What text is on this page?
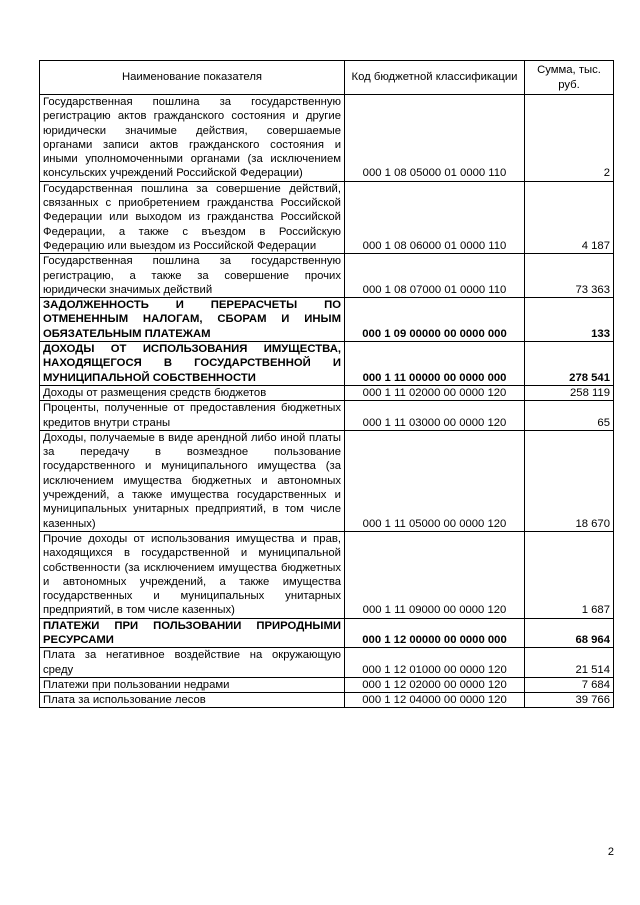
Наименование показателя	Код бюджетной классификации	Сумма, тыс. руб.
Государственная пошлина за государственную регистрацию актов гражданского состояния и другие юридически значимые действия, совершаемые органами записи актов гражданского состояния и иными уполномоченными органами (за исключением консульских учреждений Российской Федерации)	000 1 08 05000 01 0000 110	2
Государственная пошлина за совершение действий, связанных с приобретением гражданства Российской Федерации или выходом из гражданства Российской Федерации, а также с въездом в Российскую Федерацию или выездом из Российской Федерации	000 1 08 06000 01 0000 110	4 187
Государственная пошлина за государственную регистрацию, а также за совершение прочих юридически значимых действий	000 1 08 07000 01 0000 110	73 363
ЗАДОЛЖЕННОСТЬ И ПЕРЕРАСЧЕТЫ ПО ОТМЕНЕННЫМ НАЛОГАМ, СБОРАМ И ИНЫМ ОБЯЗАТЕЛЬНЫМ ПЛАТЕЖАМ	000 1 09 00000 00 0000 000	133
ДОХОДЫ ОТ ИСПОЛЬЗОВАНИЯ ИМУЩЕСТВА, НАХОДЯЩЕГОСЯ В ГОСУДАРСТВЕННОЙ И МУНИЦИПАЛЬНОЙ СОБСТВЕННОСТИ	000 1 11 00000 00 0000 000	278 541
Доходы от размещения средств бюджетов	000 1 11 02000 00 0000 120	258 119
Проценты, полученные от предоставления бюджетных кредитов внутри страны	000 1 11 03000 00 0000 120	65
Доходы, получаемые в виде арендной либо иной платы за передачу в возмездное пользование государственного и муниципального имущества (за исключением имущества бюджетных и автономных учреждений, а также имущества государственных и муниципальных унитарных предприятий, в том числе казенных)	000 1 11 05000 00 0000 120	18 670
Прочие доходы от использования имущества и прав, находящихся в государственной и муниципальной собственности (за исключением имущества бюджетных и автономных учреждений, а также имущества государственных и муниципальных унитарных предприятий, в том числе казенных)	000 1 11 09000 00 0000 120	1 687
ПЛАТЕЖИ ПРИ ПОЛЬЗОВАНИИ ПРИРОДНЫМИ РЕСУРСАМИ	000 1 12 00000 00 0000 000	68 964
Плата за негативное воздействие на окружающую среду	000 1 12 01000 00 0000 120	21 514
Платежи при пользовании недрами	000 1 12 02000 00 0000 120	7 684
Плата за использование лесов	000 1 12 04000 00 0000 120	39 766
2
